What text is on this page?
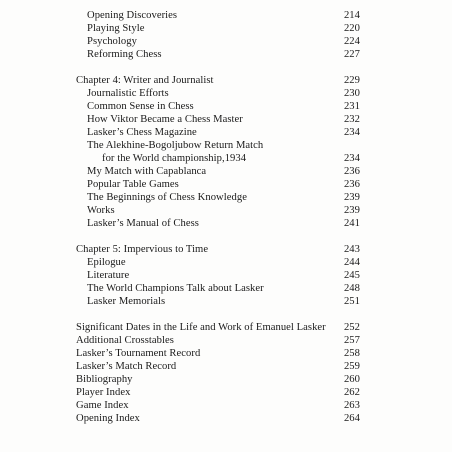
Opening Discoveries	214
Playing Style	220
Psychology	224
Reforming Chess	227
Chapter 4: Writer and Journalist	229
Journalistic Efforts	230
Common Sense in Chess	231
How Viktor Became a Chess Master	232
Lasker’s Chess Magazine	234
The Alekhine-Bogoljubow Return Match
for the World championship,1934	234
My Match with Capablanca	236
Popular Table Games	236
The Beginnings of Chess Knowledge	239
Works	239
Lasker’s Manual of Chess	241
Chapter 5: Impervious to Time	243
Epilogue	244
Literature	245
The World Champions Talk about Lasker	248
Lasker Memorials	251
Significant Dates in the Life and Work of Emanuel Lasker 252
Additional Crosstables	257
Lasker’s Tournament Record	258
Lasker’s Match Record	259
Bibliography	260
Player Index	262
Game Index	263
Opening Index	264
